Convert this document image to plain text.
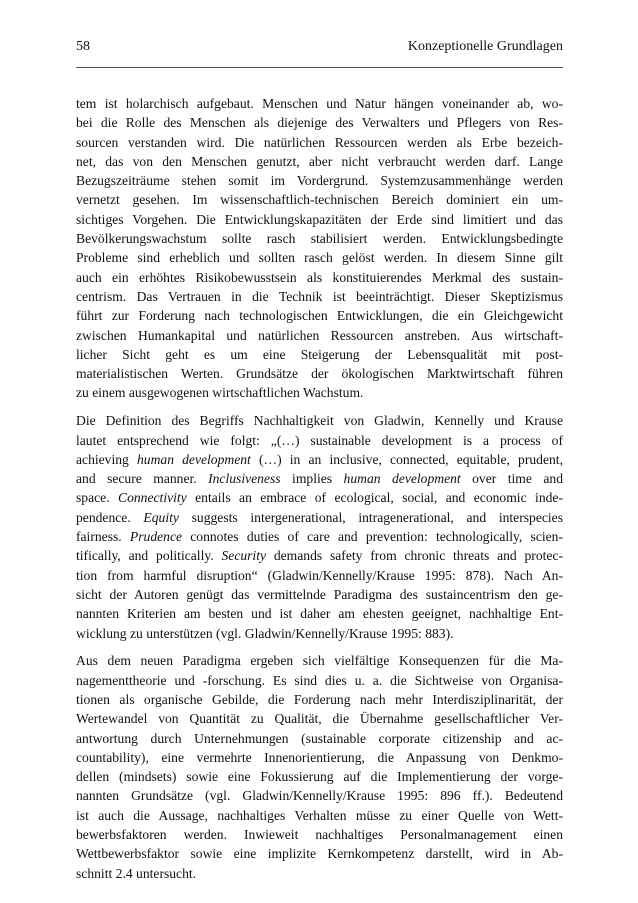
58	Konzeptionelle Grundlagen
tem ist holarchisch aufgebaut. Menschen und Natur hängen voneinander ab, wo-
bei die Rolle des Menschen als diejenige des Verwalters und Pflegers von Res-
sourcen verstanden wird. Die natürlichen Ressourcen werden als Erbe bezeich-
net, das von den Menschen genutzt, aber nicht verbraucht werden darf. Lange
Bezugszeiträume stehen somit im Vordergrund. Systemzusammenhänge werden
vernetzt gesehen. Im wissenschaftlich-technischen Bereich dominiert ein um-
sichtiges Vorgehen. Die Entwicklungskapazitäten der Erde sind limitiert und das
Bevölkerungswachstum sollte rasch stabilisiert werden. Entwicklungsbedingte
Probleme sind erheblich und sollten rasch gelöst werden. In diesem Sinne gilt
auch ein erhöhtes Risikobewusstsein als konstituierendes Merkmal des sustain-
centrism. Das Vertrauen in die Technik ist beeinträchtigt. Dieser Skeptizismus
führt zur Forderung nach technologischen Entwicklungen, die ein Gleichgewicht
zwischen Humankapital und natürlichen Ressourcen anstreben. Aus wirtschaft-
licher Sicht geht es um eine Steigerung der Lebensqualität mit post-
materialistischen Werten. Grundsätze der ökologischen Marktwirtschaft führen
zu einem ausgewogenen wirtschaftlichen Wachstum.
Die Definition des Begriffs Nachhaltigkeit von Gladwin, Kennelly und Krause
lautet entsprechend wie folgt: „(…) sustainable development is a process of
achieving human development (…) in an inclusive, connected, equitable, prudent,
and secure manner. Inclusiveness implies human development over time and
space. Connectivity entails an embrace of ecological, social, and economic inde-
pendence. Equity suggests intergenerational, intragenerational, and interspecies
fairness. Prudence connotes duties of care and prevention: technologically, scien-
tifically, and politically. Security demands safety from chronic threats and protec-
tion from harmful disruption“ (Gladwin/Kennelly/Krause 1995: 878). Nach An-
sicht der Autoren genügt das vermittelnde Paradigma des sustaincentrism den ge-
nannten Kriterien am besten und ist daher am ehesten geeignet, nachhaltige Ent-
wicklung zu unterstützen (vgl. Gladwin/Kennelly/Krause 1995: 883).
Aus dem neuen Paradigma ergeben sich vielfältige Konsequenzen für die Ma-
nagementtheorie und -forschung. Es sind dies u. a. die Sichtweise von Organisa-
tionen als organische Gebilde, die Forderung nach mehr Interdisziplinarität, der
Wertewandel von Quantität zu Qualität, die Übernahme gesellschaftlicher Ver-
antwortung durch Unternehmungen (sustainable corporate citizenship and ac-
countability), eine vermehrte Innenorientierung, die Anpassung von Denkmo-
dellen (mindsets) sowie eine Fokussierung auf die Implementierung der vorge-
nannten Grundsätze (vgl. Gladwin/Kennelly/Krause 1995: 896 ff.). Bedeutend
ist auch die Aussage, nachhaltiges Verhalten müsse zu einer Quelle von Wett-
bewerbsfaktoren werden. Inwieweit nachhaltiges Personalmanagement einen
Wettbewerbsfaktor sowie eine implizite Kernkompetenz darstellt, wird in Ab-
schnitt 2.4 untersucht.
